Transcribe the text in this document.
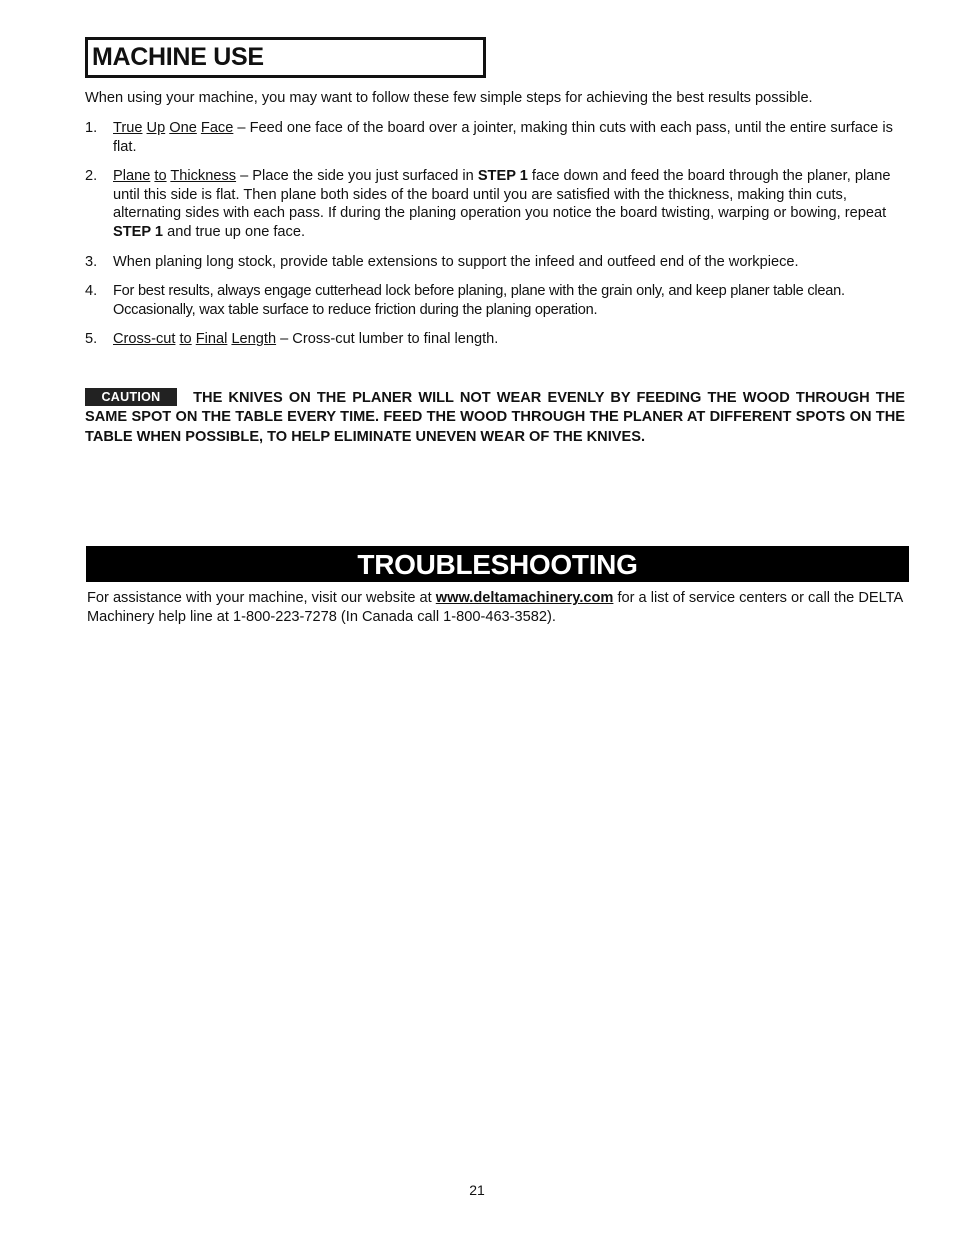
MACHINE USE
When using your machine, you may want to follow these few simple steps for achieving the best results possible.
1. True Up One Face – Feed one face of the board over a jointer, making thin cuts with each pass, until the entire surface is flat.
2. Plane to Thickness – Place the side you just surfaced in STEP 1 face down and feed the board through the planer, plane until this side is flat. Then plane both sides of the board until you are satisfied with the thickness, making thin cuts, alternating sides with each pass. If during the planing operation you notice the board twisting, warping or bowing, repeat STEP 1 and true up one face.
3. When planing long stock, provide table extensions to support the infeed and outfeed end of the workpiece.
4. For best results, always engage cutterhead lock before planing, plane with the grain only, and keep planer table clean. Occasionally, wax table surface to reduce friction during the planing operation.
5. Cross-cut to Final Length – Cross-cut lumber to final length.
CAUTION THE KNIVES ON THE PLANER WILL NOT WEAR EVENLY BY FEEDING THE WOOD THROUGH THE SAME SPOT ON THE TABLE EVERY TIME. FEED THE WOOD THROUGH THE PLANER AT DIFFERENT SPOTS ON THE TABLE WHEN POSSIBLE, TO HELP ELIMINATE UNEVEN WEAR OF THE KNIVES.
TROUBLESHOOTING
For assistance with your machine, visit our website at www.deltamachinery.com for a list of service centers or call the DELTA Machinery help line at 1-800-223-7278 (In Canada call 1-800-463-3582).
21
